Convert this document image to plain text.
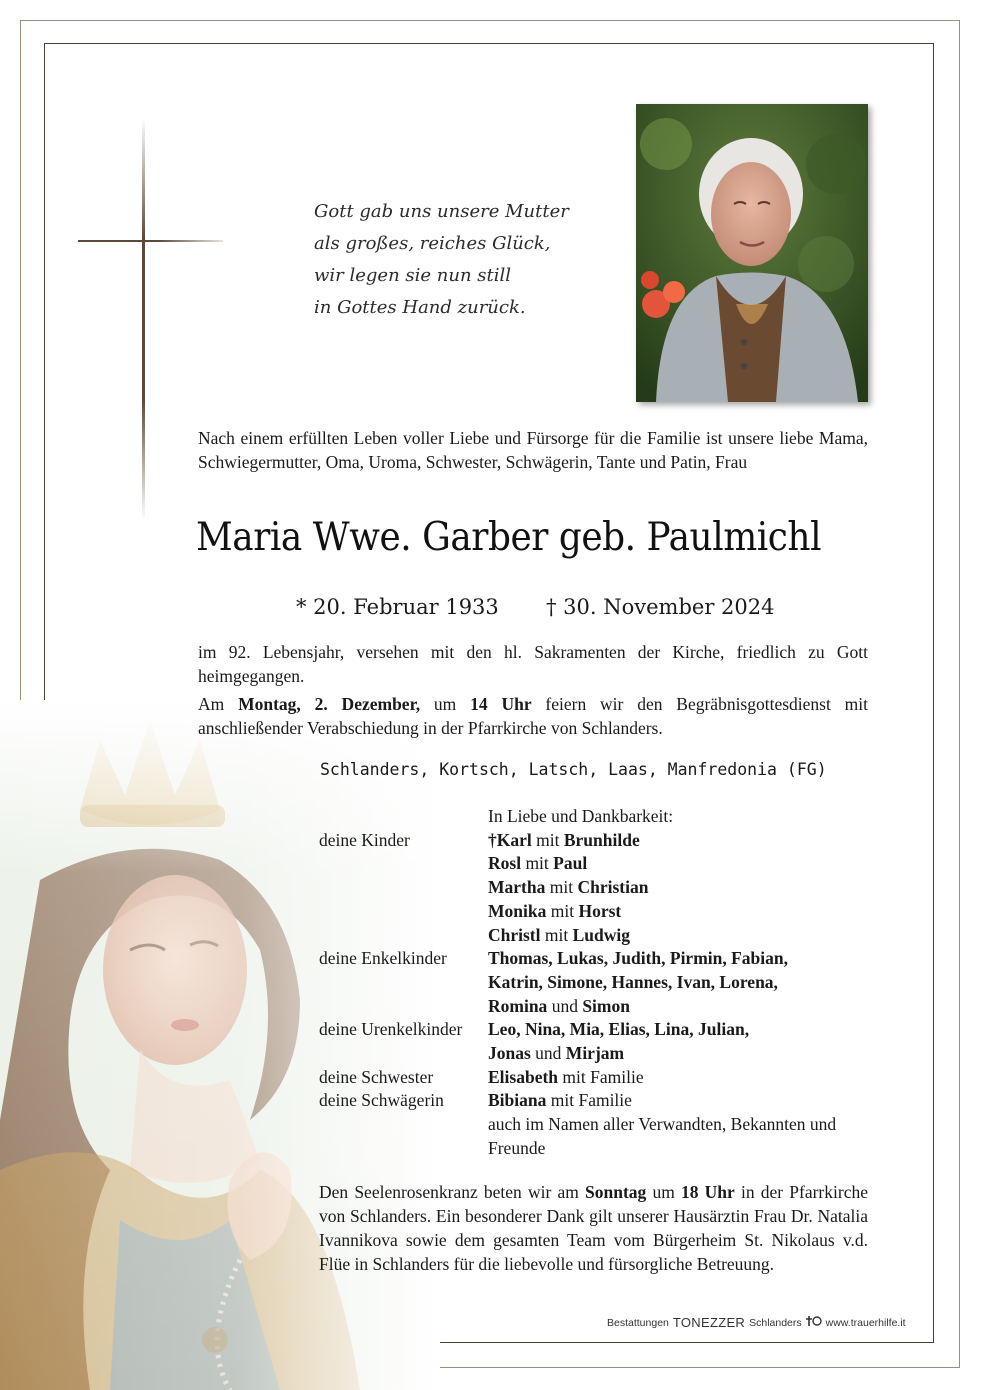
Gott gab uns unsere Mutter
als großes, reiches Glück,
wir legen sie nun still
in Gottes Hand zurück.
Nach einem erfüllten Leben voller Liebe und Fürsorge für die Familie ist unsere liebe Mama, Schwiegermutter, Oma, Uroma, Schwester, Schwägerin, Tante und Patin, Frau
Maria Wwe. Garber geb. Paulmichl
* 20. Februar 1933 † 30. November 2024
im 92. Lebensjahr, versehen mit den hl. Sakramenten der Kirche, friedlich zu Gott heimgegangen.
Am Montag, 2. Dezember, um 14 Uhr feiern wir den Begräbnisgottesdienst mit anschließender Verabschiedung in der Pfarrkirche von Schlanders.
Schlanders, Kortsch, Latsch, Laas, Manfredonia (FG)
In Liebe und Dankbarkeit:
deine Kinder	†Karl mit Brunhilde
Rosl mit Paul
Martha mit Christian
Monika mit Horst
Christl mit Ludwig
deine Enkelkinder	Thomas, Lukas, Judith, Pirmin, Fabian,
Katrin, Simone, Hannes, Ivan, Lorena,
Romina und Simon
deine Urenkelkinder	Leo, Nina, Mia, Elias, Lina, Julian,
Jonas und Mirjam
deine Schwester	Elisabeth mit Familie
deine Schwägerin	Bibiana mit Familie
auch im Namen aller Verwandten, Bekannten und Freunde
Den Seelenrosenkranz beten wir am Sonntag um 18 Uhr in der Pfarrkirche von Schlanders. Ein besonderer Dank gilt unserer Hausärztin Frau Dr. Natalia Ivannikova sowie dem gesamten Team vom Bürgerheim St. Nikolaus v.d. Flüe in Schlanders für die liebevolle und fürsorgliche Betreuung.
Bestattungen TONEZZER Schlanders www.trauerhilfe.it
